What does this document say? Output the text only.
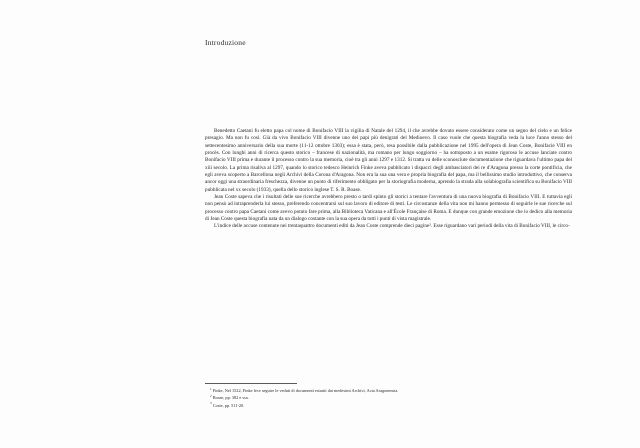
Introduzione

Benedetto Caetani fu eletto papa col nome di Bonifacio VIII la vigilia di Natale del 1294, il che avrebbe dovuto essere considerato come un segno del cielo e un felice presagio. Ma non fu così. Già da vivo Bonifacio VIII divenne uno dei papi più denigrati del Medioevo. Il caso vuole che questa biografia veda la luce l'anno stesso del settecentesimo anniversario della sua morte (11-12 ottobre 1303); essa è stata, però, resa possibile dalla pubblicazione nel 1995 dell'opera di Jean Coste, Bonifacie VIII en procès. Con lunghi anni di ricerca questo storico – francese di nazionalità, ma romano per lungo soggiorno – ha sottoposto a un esame rigoroso le accuse lanciate contro Bonifacio VIII prima e durante il processo contro la sua memoria, cioè tra gli anni 1297 e 1312. Si tratta va delle sconosciute documentazione che riguardava l'ultimo papa del xiii secolo. La prima risaliva al 1297, quando lo storico tedesco Heinrich Finke aveva pubblicato i dispacci degli ambasciatori dei re d'Aragona presso la corte pontificia, che egli aveva scoperto a Barcellona negli Archivi della Corona d'Aragona. Non era la sua una vera e propria biografia del papa, ma il bellissimo studio introduttivo, che conserva ancor oggi una straordinaria freschezza, divenne un punto di riferimento obbligato per la storiografia moderna, aprendo la strada alla solabiografia scientifica su Bonifacio VIII pubblicata nel xx secolo (1933), quella dello storico inglese T. S. R. Boase.

Jean Coste sapeva che i risultati delle sue ricerche avrebbero presto o tardi spinto gli storici a tentare l'avventura di una nuova biografia di Bonifacio VIII. E tuttavia egli non pensò ad intraprenderla lui stesso, preferendo concentrarsi sul suo lavoro di editore di testi. Le circostanze della vita non mi hanno permesso di seguirle le sue ricerche sul processo contro papa Caetani come avevo potuto fare prima, alla Biblioteca Vaticana e all'École Française di Roma. E dunque con grande emozione che io dedico alla memoria di Jean Coste questa biografia nata da un dialogo costante con la sua opera da tutti i punti di vista magistrale.

L'indice delle accuse contenute nei trentaquattro documenti editi da Jean Coste comprende dieci pagine². Esse riguardano vari periodi della vita di Bonifacio VIII, le circo-

$^1$Finke, Nel 1522, Finke fece seguire le veduti di documenti estratti dai medesimi Archivi, Acta Aragonensia.

$^2$Boase, pp. 382 e ssa.

$^3$Coste, pp. 511-20.
